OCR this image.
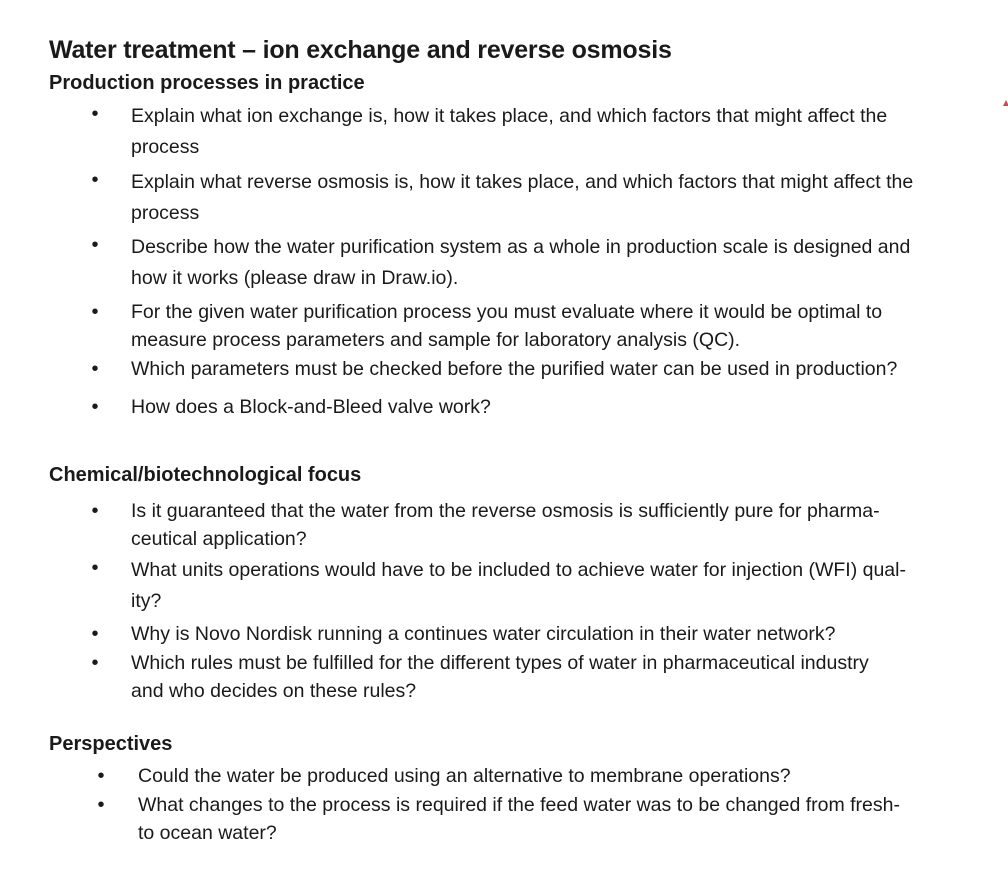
Water treatment – ion exchange and reverse osmosis
Production processes in practice
• Explain what ion exchange is, how it takes place, and which factors that might affect the
process
• Explain what reverse osmosis is, how it takes place, and which factors that might affect the
process
• Describe how the water purification system as a whole in production scale is designed and
how it works (please draw in Draw.io).
• For the given water purification process you must evaluate where it would be optimal to
measure process parameters and sample for laboratory analysis (QC).
• Which parameters must be checked before the purified water can be used in production?
• How does a Block-and-Bleed valve work?
Chemical/biotechnological focus
• Is it guaranteed that the water from the reverse osmosis is sufficiently pure for pharma-
ceutical application?
• What units operations would have to be included to achieve water for injection (WFI) qual-
ity?
• Why is Novo Nordisk running a continues water circulation in their water network?
• Which rules must be fulfilled for the different types of water in pharmaceutical industry
and who decides on these rules?
Perspectives
• Could the water be produced using an alternative to membrane operations?
• What changes to the process is required if the feed water was to be changed from fresh-
to ocean water?
